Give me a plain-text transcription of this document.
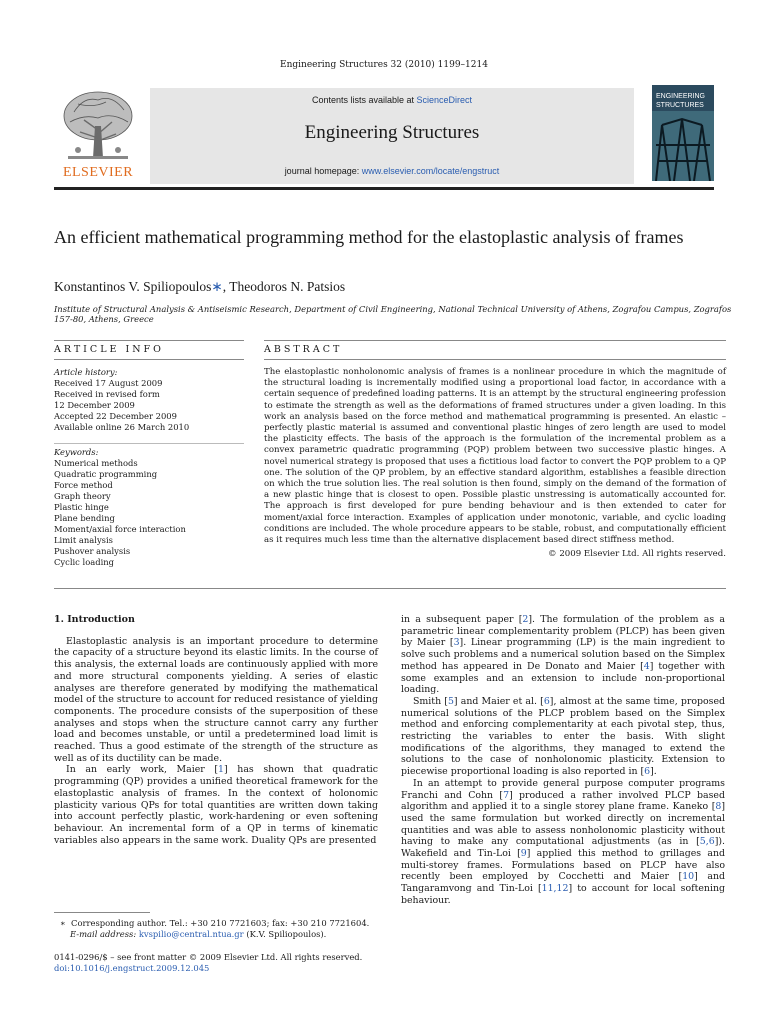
Engineering Structures 32 (2010) 1199–1214
ELSEVIER
Contents lists available at ScienceDirect
Engineering Structures
journal homepage: www.elsevier.com/locate/engstruct
ENGINEERING
STRUCTURES
An efficient mathematical programming method for the elastoplastic analysis of frames
Konstantinos V. Spiliopoulos∗, Theodoros N. Patsios
Institute of Structural Analysis & Antiseismic Research, Department of Civil Engineering, National Technical University of Athens, Zografou Campus, Zografos 157-80, Athens, Greece
ARTICLE INFO
Article history:
Received 17 August 2009
Received in revised form
12 December 2009
Accepted 22 December 2009
Available online 26 March 2010
Keywords:
Numerical methods
Quadratic programming
Force method
Graph theory
Plastic hinge
Plane bending
Moment/axial force interaction
Limit analysis
Pushover analysis
Cyclic loading
ABSTRACT
The elastoplastic nonholonomic analysis of frames is a nonlinear procedure in which the magnitude of the structural loading is incrementally modified using a proportional load factor, in accordance with a certain sequence of predefined loading patterns. It is an attempt by the structural engineering profession to estimate the strength as well as the deformations of framed structures under a given loading. In this work an analysis based on the force method and mathematical programming is presented. An elastic –perfectly plastic material is assumed and conventional plastic hinges of zero length are used to model the plasticity effects. The basis of the approach is the formulation of the incremental problem as a convex parametric quadratic programming (PQP) problem between two successive plastic hinges. A novel numerical strategy is proposed that uses a fictitious load factor to convert the PQP problem to a QP one. The solution of the QP problem, by an effective standard algorithm, establishes a feasible direction on which the true solution lies. The real solution is then found, simply on the demand of the formation of a new plastic hinge that is closest to open. Possible plastic unstressing is automatically accounted for. The approach is first developed for pure bending behaviour and is then extended to cater for moment/axial force interaction. Examples of application under monotonic, variable, and cyclic loading conditions are included. The whole procedure appears to be stable, robust, and computationally efficient as it requires much less time than the alternative displacement based direct stiffness method.
© 2009 Elsevier Ltd. All rights reserved.
1. Introduction

Elastoplastic analysis is an important procedure to determine the capacity of a structure beyond its elastic limits. In the course of this analysis, the external loads are continuously applied with more and more structural components yielding. A series of elastic analyses are therefore generated by modifying the mathematical model of the structure to account for reduced resistance of yielding components. The procedure consists of the superposition of these analyses and stops when the structure cannot carry any further load and becomes unstable, or until a predetermined load limit is reached. Thus a good estimate of the strength of the structure as well as of its ductility can be made.

In an early work, Maier [1] has shown that quadratic programming (QP) provides a unified theoretical framework for the elastoplastic analysis of frames. In the context of holonomic plasticity various QPs for total quantities are written down taking into account perfectly plastic, work-hardening or even softening behaviour. An incremental form of a QP in terms of kinematic variables also appears in the same work. Duality QPs are presented

∗ Corresponding author. Tel.: +30 210 7721603; fax: +30 210 7721604.
E-mail address: kvspilio@central.ntua.gr (K.V. Spiliopoulos).
0141-0296/$ – see front matter © 2009 Elsevier Ltd. All rights reserved.
doi:10.1016/j.engstruct.2009.12.045

in a subsequent paper [2]. The formulation of the problem as a parametric linear complementarity problem (PLCP) has been given by Maier [3]. Linear programming (LP) is the main ingredient to solve such problems and a numerical solution based on the Simplex method has appeared in De Donato and Maier [4] together with some examples and an extension to include non-proportional loading.

Smith [5] and Maier et al. [6], almost at the same time, proposed numerical solutions of the PLCP problem based on the Simplex method and enforcing complementarity at each pivotal step, thus, restricting the variables to enter the basis. With slight modifications of the algorithms, they managed to extend the solutions to the case of nonholonomic plasticity. Extension to piecewise proportional loading is also reported in [6].

In an attempt to provide general purpose computer programs Franchi and Cohn [7] produced a rather involved PLCP based algorithm and applied it to a single storey plane frame. Kaneko [8] used the same formulation but worked directly on incremental quantities and was able to assess nonholonomic plasticity without having to make any computational adjustments (as in [5,6]). Wakefield and Tin-Loi [9] applied this method to grillages and multi-storey frames. Formulations based on PLCP have also recently been employed by Cocchetti and Maier [10] and Tangaramvong and Tin-Loi [11,12] to account for local softening behaviour.
